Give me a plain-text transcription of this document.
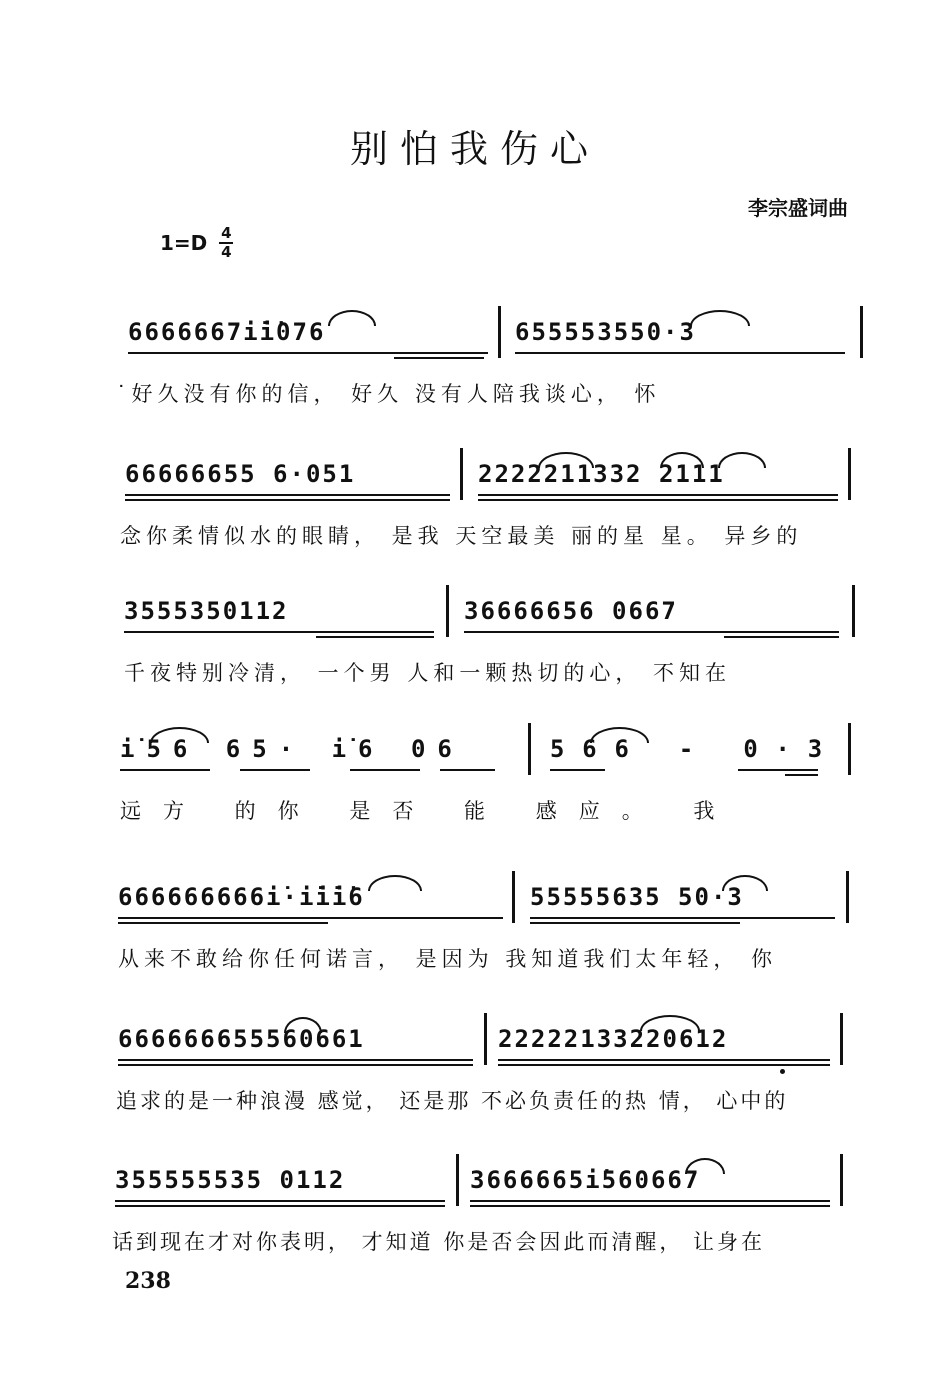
别怕我伤心
李宗盛词曲
1=D 4
4
6666667i̇i̇076	655553550·3
˙好久没有你的信， 好久 没有人陪我谈心， 怀
66666655 6·051	2222211332 2111
念你柔情似水的眼睛， 是我 天空最美 丽的星 星。 异乡的
3555350112	36666656 0667
千夜特别冷清， 一个男 人和一颗热切的心， 不知在
i̇56 65· i̇6 06	566 - 0·3
远方 的你 是否 能 感应。 我
666666666i̇·i̇i̇i̇6	55555635 50·3
从来不敢给你任何诺言， 是因为 我知道我们太年轻， 你
666666655560661	22222133220612
追求的是一种浪漫 感觉， 还是那 不必负责任的热 情， 心中的
355555535 0112	3666665i̇560667
话到现在才对你表明， 才知道 你是否会因此而清醒， 让身在
238
